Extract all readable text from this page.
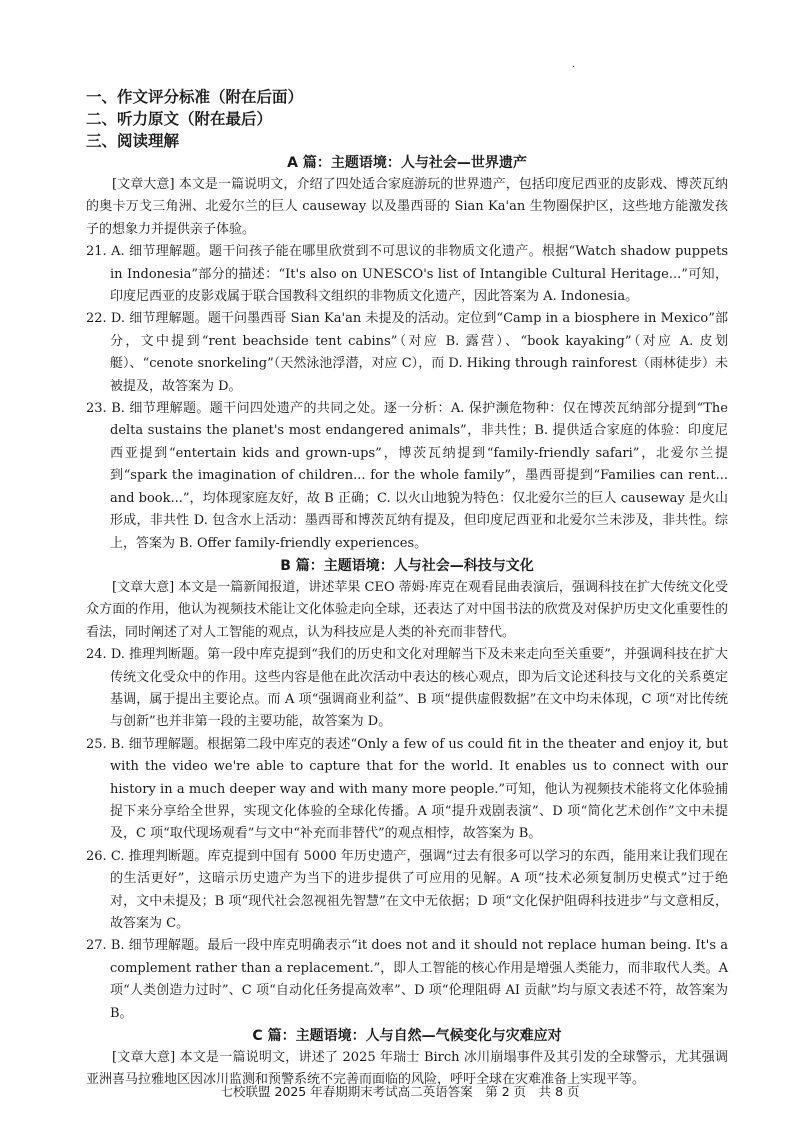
·

一、作文评分标准（附在后面）

二、听力原文（附在最后）

三、阅读理解

A 篇：主题语境：人与社会—世界遗产

[文章大意] 本文是一篇说明文，介绍了四处适合家庭游玩的世界遗产，包括印度尼西亚的皮影戏、博茨瓦纳的奥卡万戈三角洲、北爱尔兰的巨人 causeway 以及墨西哥的 Sian Ka'an 生物圈保护区，这些地方能激发孩子的想象力并提供亲子体验。

21. A. 细节理解题。题干问孩子能在哪里欣赏到不可思议的非物质文化遗产。根据“Watch shadow puppets in Indonesia”部分的描述：“It's also on UNESCO's list of Intangible Cultural Heritage...”可知，印度尼西亚的皮影戏属于联合国教科文组织的非物质文化遗产，因此答案为 A. Indonesia。

22. D. 细节理解题。题干问墨西哥 Sian Ka'an 未提及的活动。定位到“Camp in a biosphere in Mexico”部分，文中提到“rent beachside tent cabins”（对应 B. 露营）、“book kayaking”（对应 A. 皮划艇）、“cenote snorkeling”（天然泳池浮潜，对应 C），而 D. Hiking through rainforest（雨林徒步）未被提及，故答案为 D。

23. B. 细节理解题。题干问四处遗产的共同之处。逐一分析：A. 保护濒危物种：仅在博茨瓦纳部分提到“The delta sustains the planet's most endangered animals”，非共性；B. 提供适合家庭的体验：印度尼西亚提到“entertain kids and grown-ups”，博茨瓦纳提到“family-friendly safari”，北爱尔兰提到“spark the imagination of children... for the whole family”，墨西哥提到“Families can rent... and book...”，均体现家庭友好，故 B 正确；C. 以火山地貌为特色：仅北爱尔兰的巨人 causeway 是火山形成，非共性 D. 包含水上活动：墨西哥和博茨瓦纳有提及，但印度尼西亚和北爱尔兰未涉及，非共性。综上，答案为 B. Offer family-friendly experiences。

B 篇：主题语境：人与社会—科技与文化

[文章大意] 本文是一篇新闻报道，讲述苹果 CEO 蒂姆·库克在观看昆曲表演后，强调科技在扩大传统文化受众方面的作用，他认为视频技术能让文化体验走向全球，还表达了对中国书法的欣赏及对保护历史文化重要性的看法，同时阐述了对人工智能的观点，认为科技应是人类的补充而非替代。

24. D. 推理判断题。第一段中库克提到“我们的历史和文化对理解当下及未来走向至关重要”，并强调科技在扩大传统文化受众中的作用。这些内容是他在此次活动中表达的核心观点，即为后文论述科技与文化的关系奠定基调，属于提出主要论点。而 A 项“强调商业利益”、B 项“提供虚假数据”在文中均未体现，C 项“对比传统与创新”也并非第一段的主要功能，故答案为 D。

25. B. 细节理解题。根据第二段中库克的表述“Only a few of us could fit in the theater and enjoy it, but with the video we're able to capture that for the world. It enables us to connect with our history in a much deeper way and with many more people.”可知，他认为视频技术能将文化体验捕捉下来分享给全世界，实现文化体验的全球化传播。A 项“提升戏剧表演”、D 项“简化艺术创作”文中未提及，C 项“取代现场观看”与文中“补充而非替代”的观点相悖，故答案为 B。

26. C. 推理判断题。库克提到中国有 5000 年历史遗产，强调“过去有很多可以学习的东西，能用来让我们现在的生活更好”，这暗示历史遗产为当下的进步提供了可应用的见解。A 项“技术必须复制历史模式”过于绝对，文中未提及；B 项“现代社会忽视祖先智慧”在文中无依据；D 项“文化保护阻碍科技进步”与文意相反，故答案为 C。

27. B. 细节理解题。最后一段中库克明确表示“it does not and it should not replace human being. It's a complement rather than a replacement.”，即人工智能的核心作用是增强人类能力，而非取代人类。A 项“人类创造力过时”、C 项“自动化任务提高效率”、D 项“伦理阻碍 AI 贡献”均与原文表述不符，故答案为 B。

C 篇：主题语境：人与自然—气候变化与灾难应对

[文章大意] 本文是一篇说明文，讲述了 2025 年瑞士 Birch 冰川崩塌事件及其引发的全球警示，尤其强调亚洲喜马拉雅地区因冰川监测和预警系统不完善而面临的风险，呼吁全球在灾难准备上实现平等。

七校联盟 2025 年春期期末考试高二英语答案　第 2 页　共 8 页
